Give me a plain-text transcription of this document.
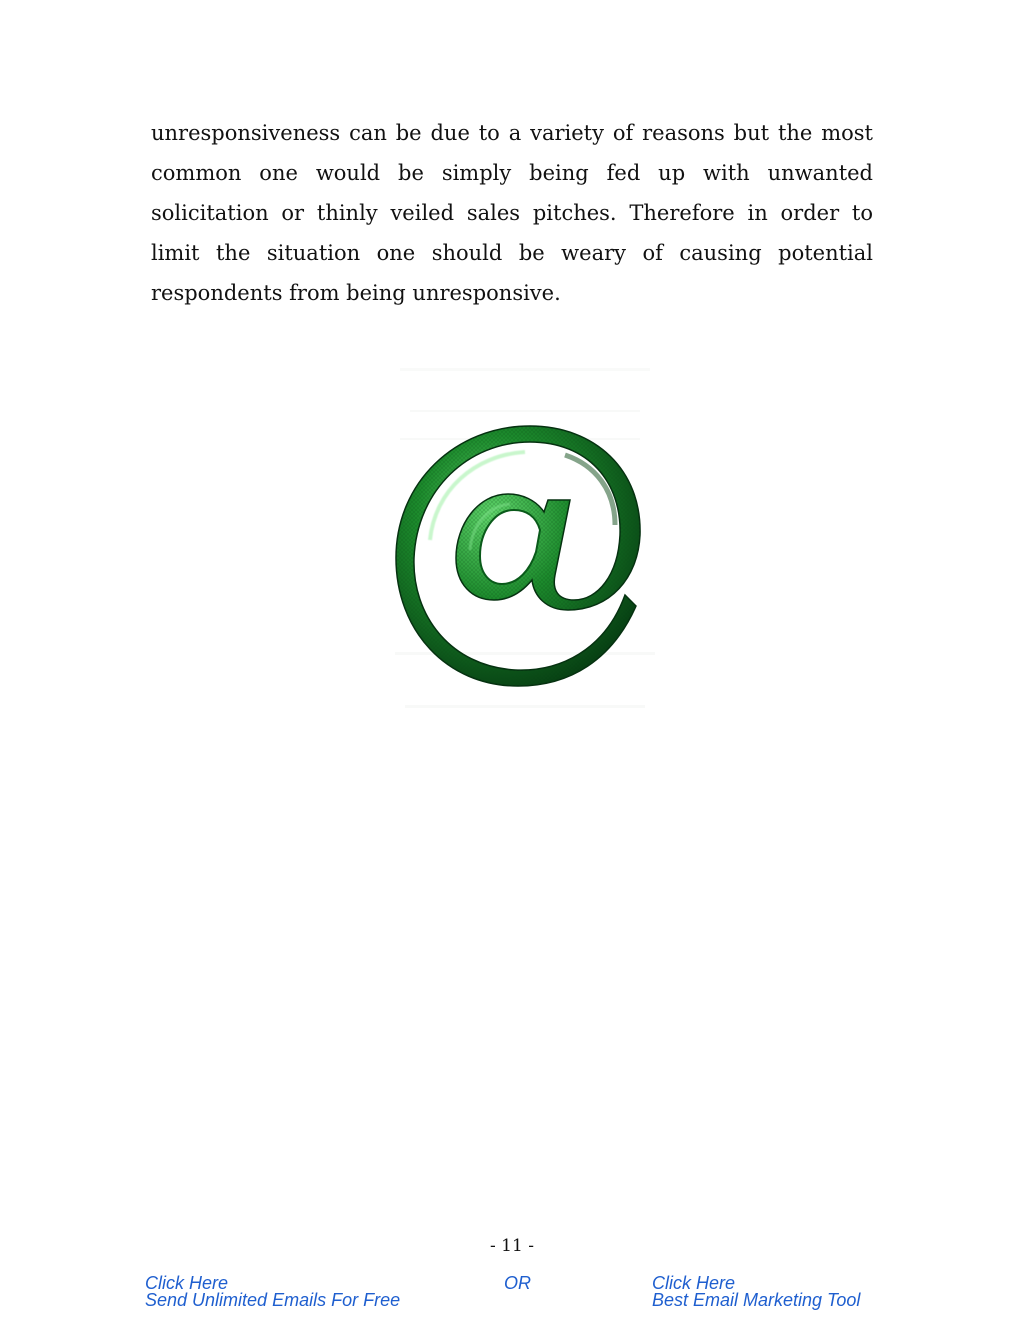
unresponsiveness can be due to a variety of reasons but the most common one would be simply being fed up with unwanted solicitation or thinly veiled sales pitches. Therefore in order to limit the situation one should be weary of causing potential respondents from being unresponsive.

- 11 -
Click Here
Send Unlimited Emails For Free
OR	Click Here
Best Email Marketing Tool
